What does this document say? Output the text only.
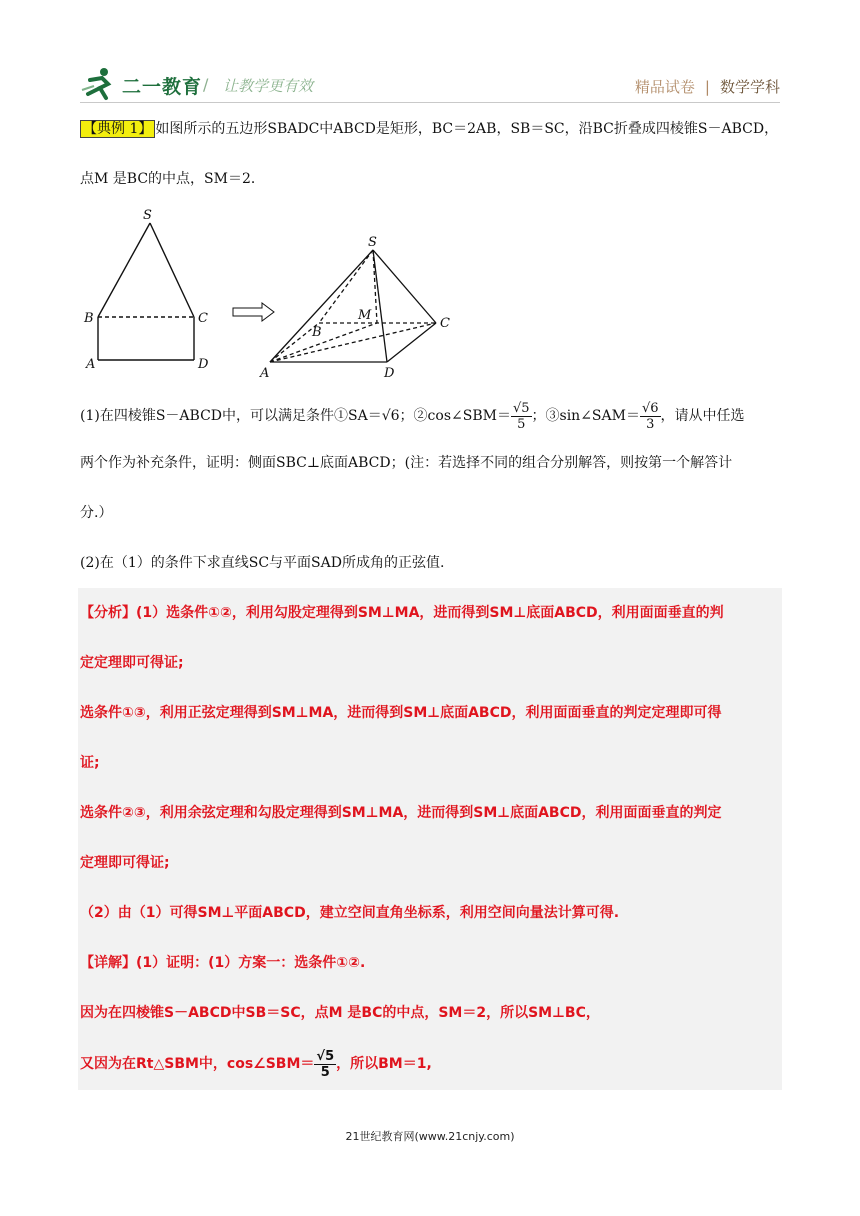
二一教育 / 让教学更有效	精品试卷 | 数学学科
【典例 1】 如图所示的五边形SBADC中ABCD是矩形，BC＝2AB，SB＝SC，沿BC折叠成四棱锥S－ABCD，
点M 是BC的中点，SM＝2．
S
B	C
A	D
S
B
M
C
A	D
(1)在四棱锥S－ABCD中，可以满足条件①SA＝√6；②cos∠SBM＝ $\frac{√5}{5}$ ；③sin∠SAM＝ $\frac{√6}{3}$ ，请从中任选
两个作为补充条件，证明：侧面SBC⊥底面ABCD；(注：若选择不同的组合分别解答，则按第一个解答计
分.）
(2)在（1）的条件下求直线SC与平面SAD所成角的正弦值.
【分析】(1）选条件①②，利用勾股定理得到SM⊥MA，进而得到SM⊥底面ABCD，利用面面垂直的判
定定理即可得证;
选条件①③，利用正弦定理得到SM⊥MA，进而得到SM⊥底面ABCD，利用面面垂直的判定定理即可得
证;
选条件②③，利用余弦定理和勾股定理得到SM⊥MA，进而得到SM⊥底面ABCD，利用面面垂直的判定
定理即可得证;
（2）由（1）可得SM⊥平面ABCD，建立空间直角坐标系，利用空间向量法计算可得.
【详解】(1）证明：(1）方案一：选条件①②.
因为在四棱锥S－ABCD中SB＝SC，点M 是BC的中点，SM＝2，所以SM⊥BC，
又因为在Rt△SBM中，cos∠SBM＝ $\frac{√5}{5}$ ，所以BM＝1,
21世纪教育网(www.21cnjy.com)
